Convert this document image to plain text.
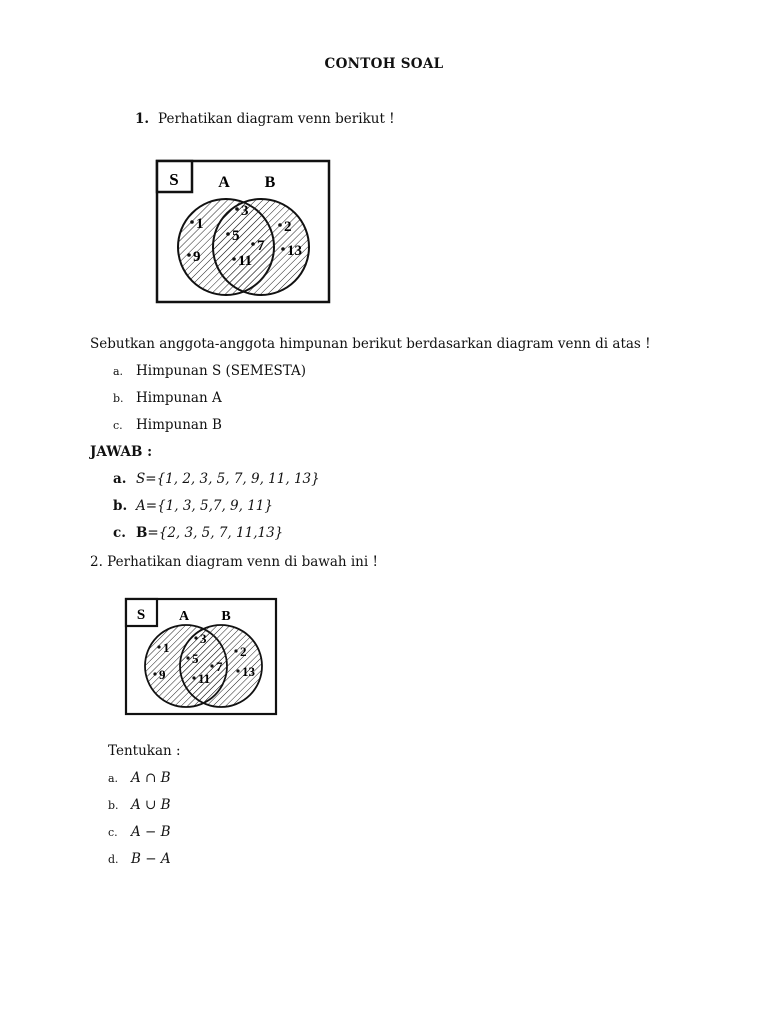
CONTOH SOAL
1. Perhatikan diagram venn berikut !
S A B
1
9
3
5
7
11
2
13
Sebutkan anggota-anggota himpunan berikut berdasarkan diagram venn di atas !
a. Himpunan S (SEMESTA)
b. Himpunan A
c. Himpunan B
JAWAB :
a. S={1, 2, 3, 5, 7, 9, 11, 13}
b. A={1, 3, 5,7, 9, 11}
c. B={2, 3, 5, 7, 11,13}
2. Perhatikan diagram venn di bawah ini !
S A B
1
9
3
5
7
11
2
13
Tentukan :
a. A ∩ B
b. A ∪ B
c. A − B
d. B − A
